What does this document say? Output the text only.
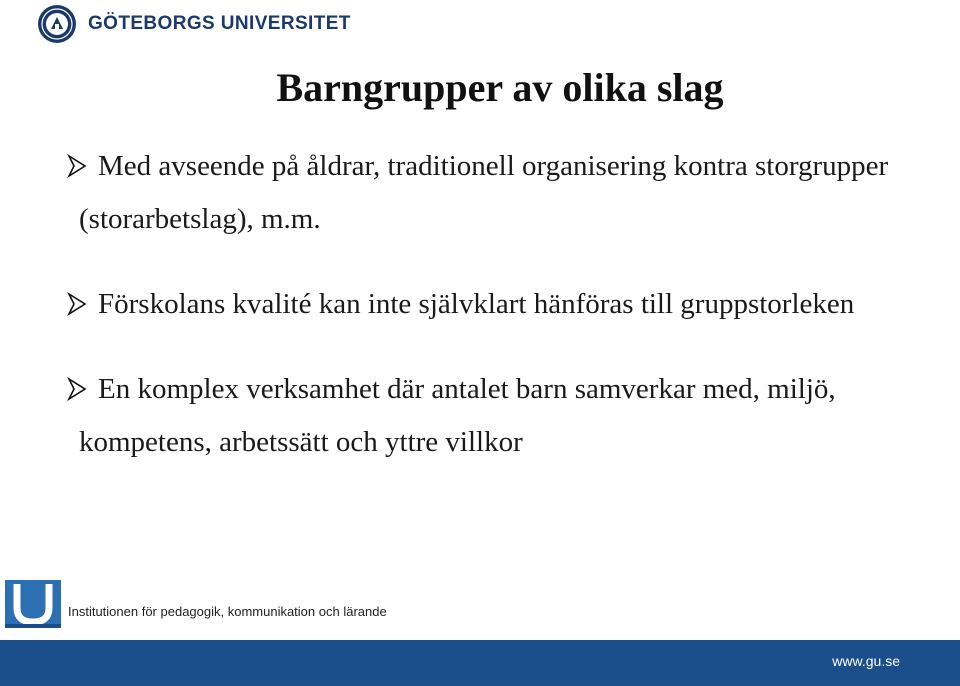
GÖTEBORGS UNIVERSITET
Barngrupper av olika slag
Med avseende på åldrar, traditionell organisering kontra storgrupper (storarbetslag), m.m.
Förskolans kvalité kan inte självklart hänföras till gruppstorleken
En komplex verksamhet där antalet barn samverkar med, miljö, kompetens, arbetssätt och yttre villkor
Institutionen för pedagogik, kommunikation och lärande
www.gu.se
